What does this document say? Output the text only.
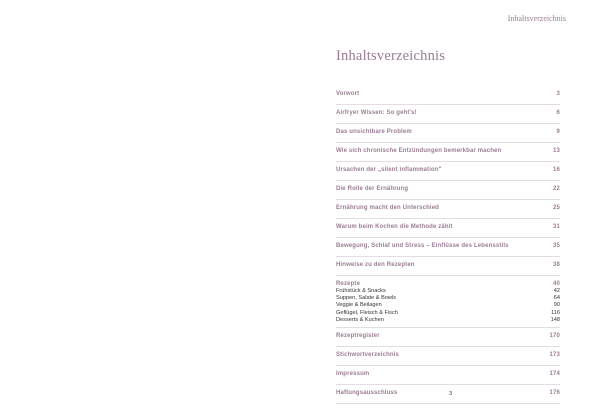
Inhaltsverzeichnis
Inhaltsverzeichnis
Vorwort	3
Airfryer Wissen: So geht's!	6
Das unsichtbare Problem	9
Wie sich chronische Entzündungen bemerkbar machen	13
Ursachen der „silent inflammation"	16
Die Rolle der Ernährung	22
Ernährung macht den Unterschied	25
Warum beim Kochen die Methode zählt	31
Bewegung, Schlaf und Stress – Einflüsse des Lebensstils	35
Hinweise zu den Rezepten	38
Rezepte	40
Frühstück & Snacks	42
Suppen, Salate & Bowls	64
Veggie & Beilagen	90
Geflügel, Fleisch & Fisch	116
Desserts & Kuchen	148
Rezeptregister	170
Stichwortverzeichnis	173
Impressum	174
Haftungsausschluss	176
3
